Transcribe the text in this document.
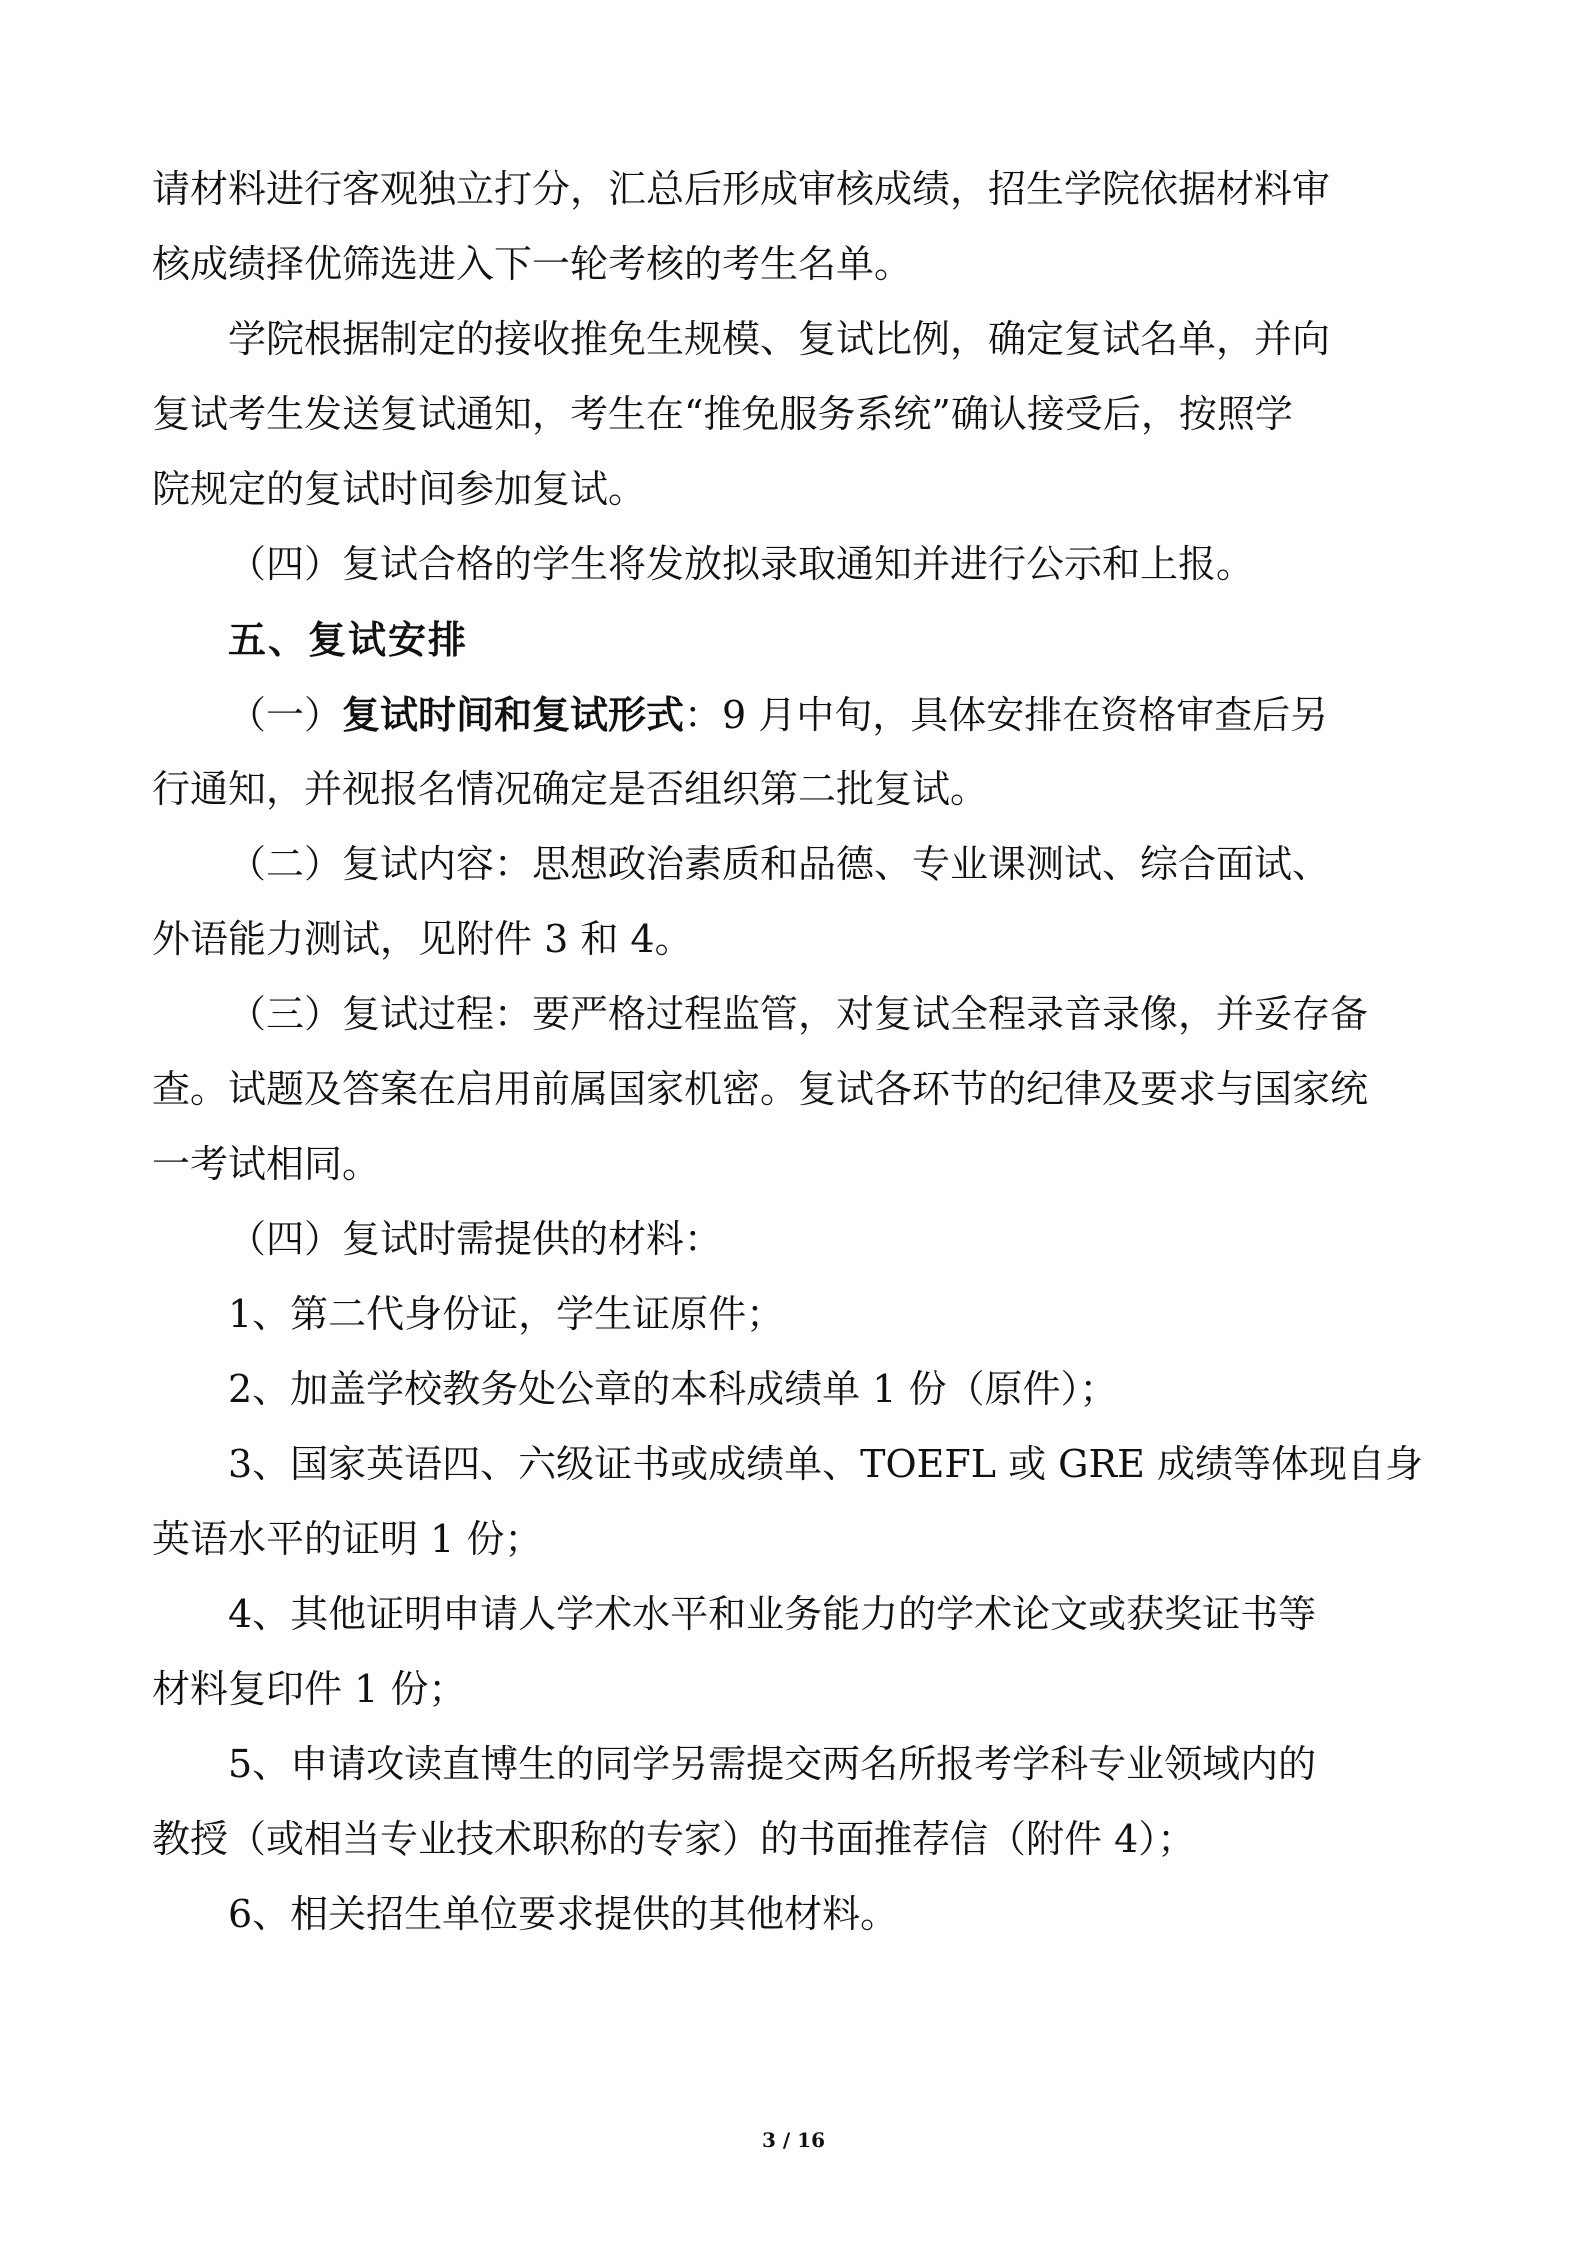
请材料进行客观独立打分，汇总后形成审核成绩，招生学院依据材料审
核成绩择优筛选进入下一轮考核的考生名单。
学院根据制定的接收推免生规模、复试比例，确定复试名单，并向
复试考生发送复试通知，考生在“推免服务系统”确认接受后，按照学
院规定的复试时间参加复试。
（四）复试合格的学生将发放拟录取通知并进行公示和上报。
五、复试安排
（一）复试时间和复试形式：9 月中旬，具体安排在资格审查后另
行通知，并视报名情况确定是否组织第二批复试。
（二）复试内容：思想政治素质和品德、专业课测试、综合面试、
外语能力测试，见附件 3 和 4。
（三）复试过程：要严格过程监管，对复试全程录音录像，并妥存备
查。试题及答案在启用前属国家机密。复试各环节的纪律及要求与国家统
一考试相同。
（四）复试时需提供的材料：
1、第二代身份证，学生证原件；
2、加盖学校教务处公章的本科成绩单 1 份（原件）；
3、国家英语四、六级证书或成绩单、TOEFL 或 GRE 成绩等体现自身
英语水平的证明 1 份；
4、其他证明申请人学术水平和业务能力的学术论文或获奖证书等
材料复印件 1 份；
5、申请攻读直博生的同学另需提交两名所报考学科专业领域内的
教授（或相当专业技术职称的专家）的书面推荐信（附件 4）；
6、相关招生单位要求提供的其他材料。
3 / 16
